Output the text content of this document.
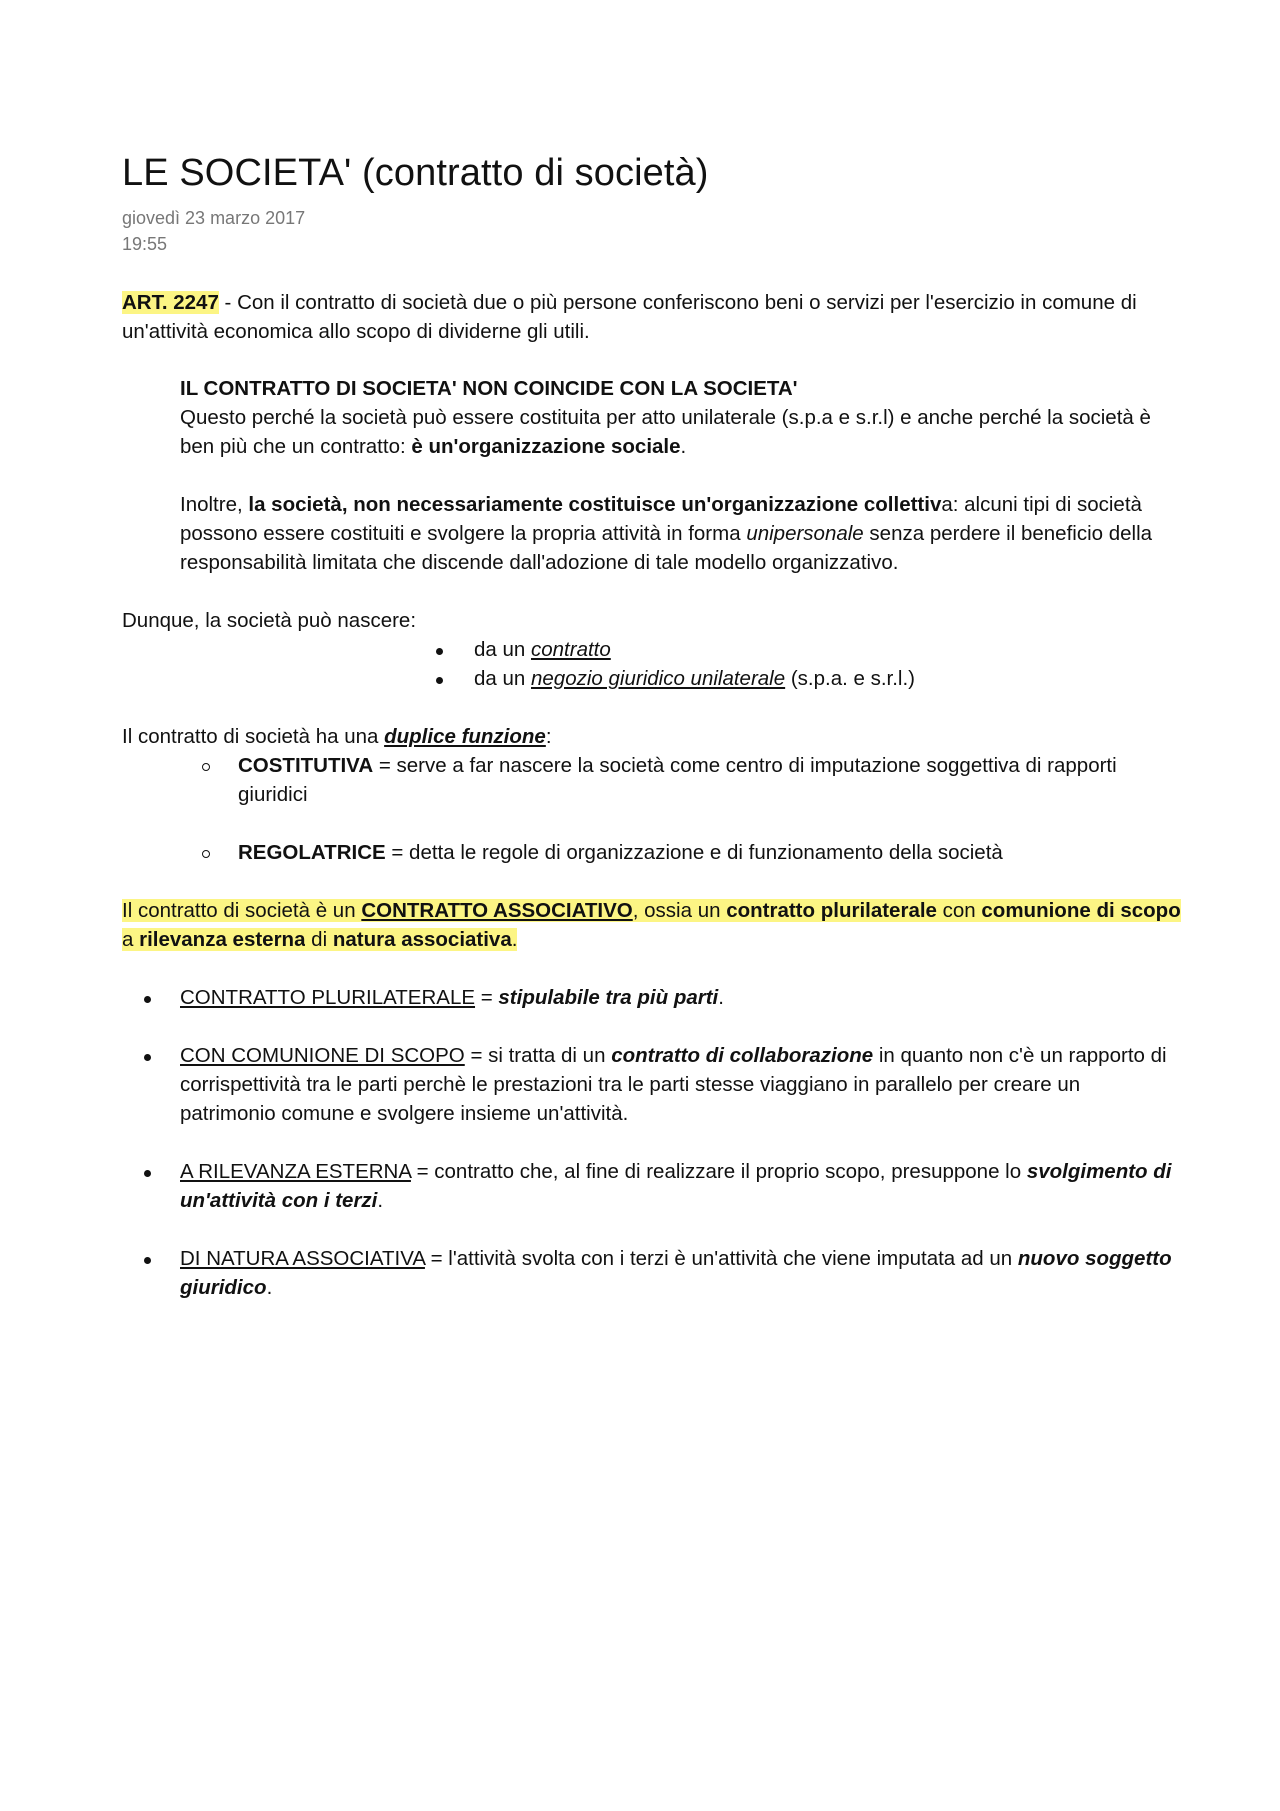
LE SOCIETA' (contratto di società)
giovedì 23 marzo 2017
19:55
ART. 2247 - Con il contratto di società due o più persone conferiscono beni o servizi per l'esercizio in comune di un'attività economica allo scopo di dividerne gli utili.
IL CONTRATTO DI SOCIETA' NON COINCIDE CON LA SOCIETA'
Questo perché la società può essere costituita per atto unilaterale (s.p.a e s.r.l) e anche perché la società è ben più che un contratto: è un'organizzazione sociale.
Inoltre, la società, non necessariamente costituisce un'organizzazione collettiva: alcuni tipi di società possono essere costituiti e svolgere la propria attività in forma unipersonale senza perdere il beneficio della responsabilità limitata che discende dall'adozione di tale modello organizzativo.
Dunque, la società può nascere:
da un contratto
da un negozio giuridico unilaterale (s.p.a. e s.r.l.)
Il contratto di società ha una duplice funzione:
COSTITUTIVA = serve a far nascere la società come centro di imputazione soggettiva di rapporti giuridici
REGOLATRICE = detta le regole di organizzazione e di funzionamento della società
Il contratto di società è un CONTRATTO ASSOCIATIVO, ossia un contratto plurilaterale con comunione di scopo a rilevanza esterna di natura associativa.
CONTRATTO PLURILATERALE = stipulabile tra più parti.
CON COMUNIONE DI SCOPO = si tratta di un contratto di collaborazione in quanto non c'è un rapporto di corrispettività tra le parti perchè le prestazioni tra le parti stesse viaggiano in parallelo per creare un patrimonio comune e svolgere insieme un'attività.
A RILEVANZA ESTERNA = contratto che, al fine di realizzare il proprio scopo, presuppone lo svolgimento di un'attività con i terzi.
DI NATURA ASSOCIATIVA = l'attività svolta con i terzi è un'attività che viene imputata ad un nuovo soggetto giuridico.
